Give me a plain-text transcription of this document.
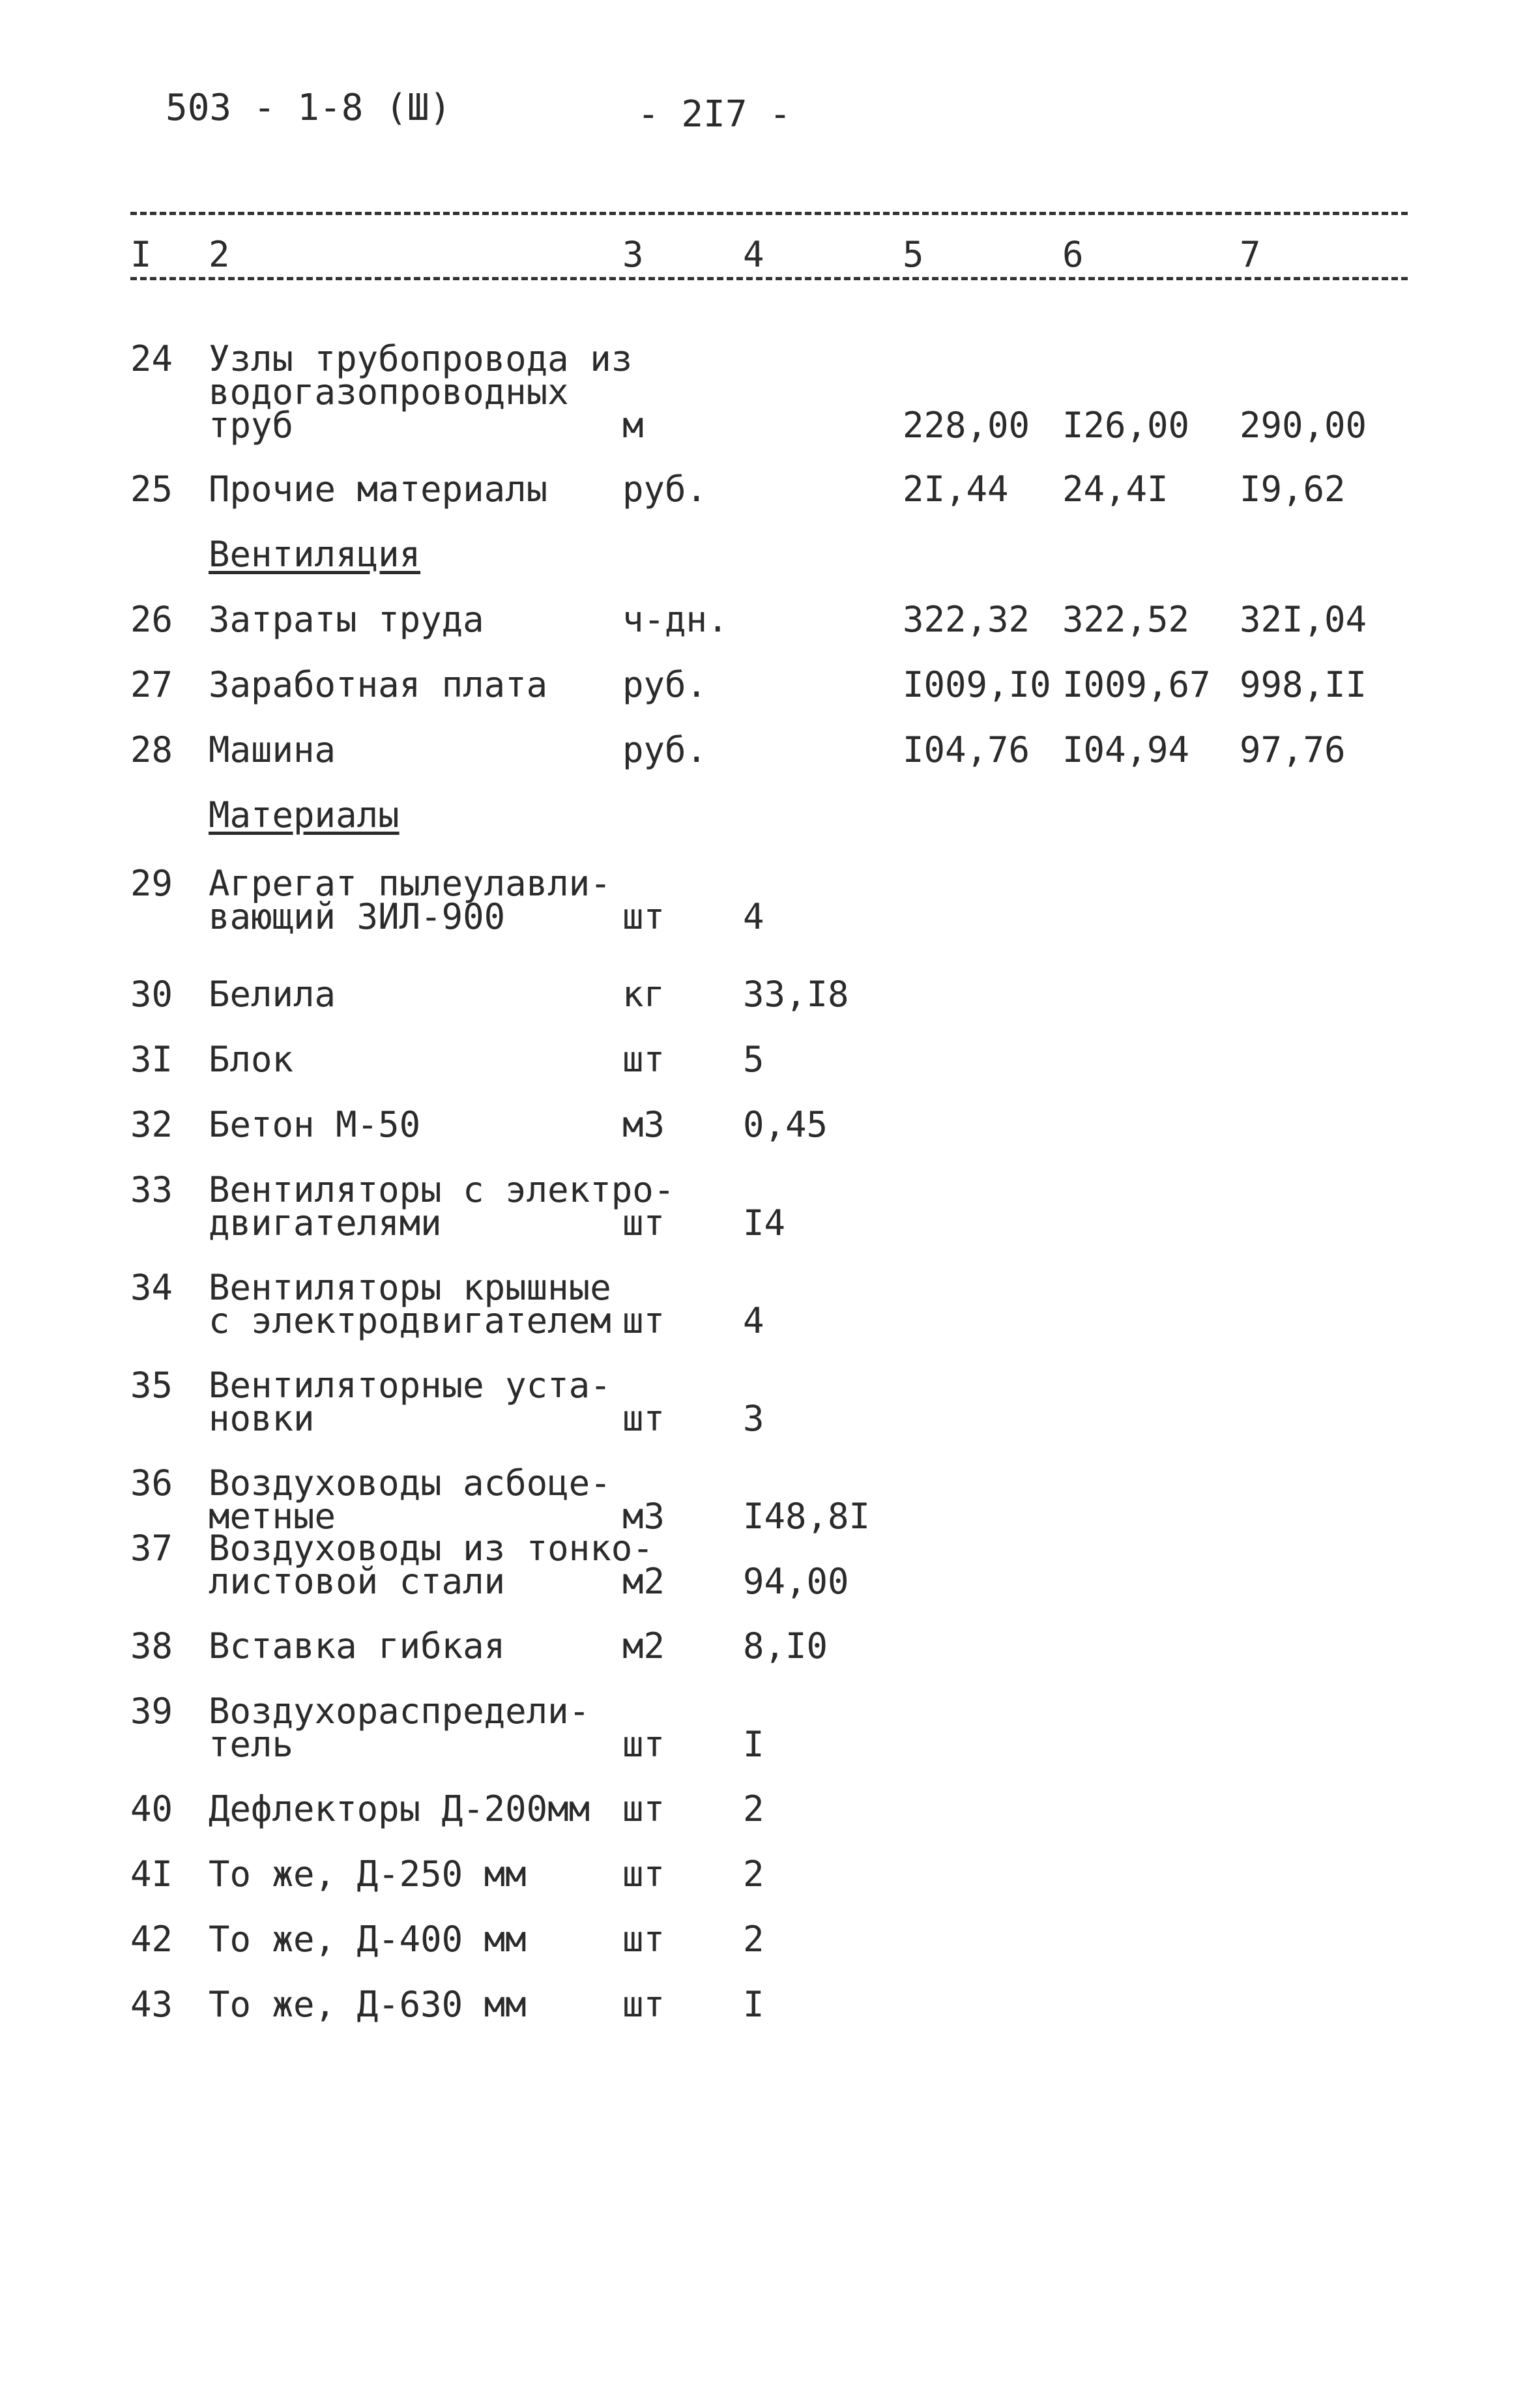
503 - 1-8 (Ш)	- 2I7 -
I 2	3	4	5	6	7
Вентиляция
Материалы
24 Узлы трубопровода из
водогазопроводных
труб	м	228,00 I26,00 290,00
25 Прочие материалы руб.	2I,44 24,4I I9,62
26 Затраты труда	ч-дн.	322,32 322,52 32I,04
27 Заработная плата руб.	I009,I0 I009,67 998,II
28 Машина	руб.	I04,76 I04,94 97,76
29 Агрегат пылеулавли-
вающий ЗИЛ-900	шт 4
30 Белила	кг 33,I8
3I Блок	шт 5
32 Бетон М-50	м3 0,45
33 Вентиляторы с электро-
двигателями	шт I4
34 Вентиляторы крышные
с электродвигателем шт 4
35 Вентиляторные уста-
новки	шт 3
36 Воздуховоды асбоце-
метные	м3 I48,8I
37 Воздуховоды из тонко-
листовой стали	м2 94,00
38 Вставка гибкая	м2 8,I0
39 Воздухораспредели-
тель	шт I
40 Дефлекторы Д-200мм шт 2
4I То же, Д-250 мм	шт 2
42 То же, Д-400 мм	шт 2
43 То же, Д-630 мм	шт I
